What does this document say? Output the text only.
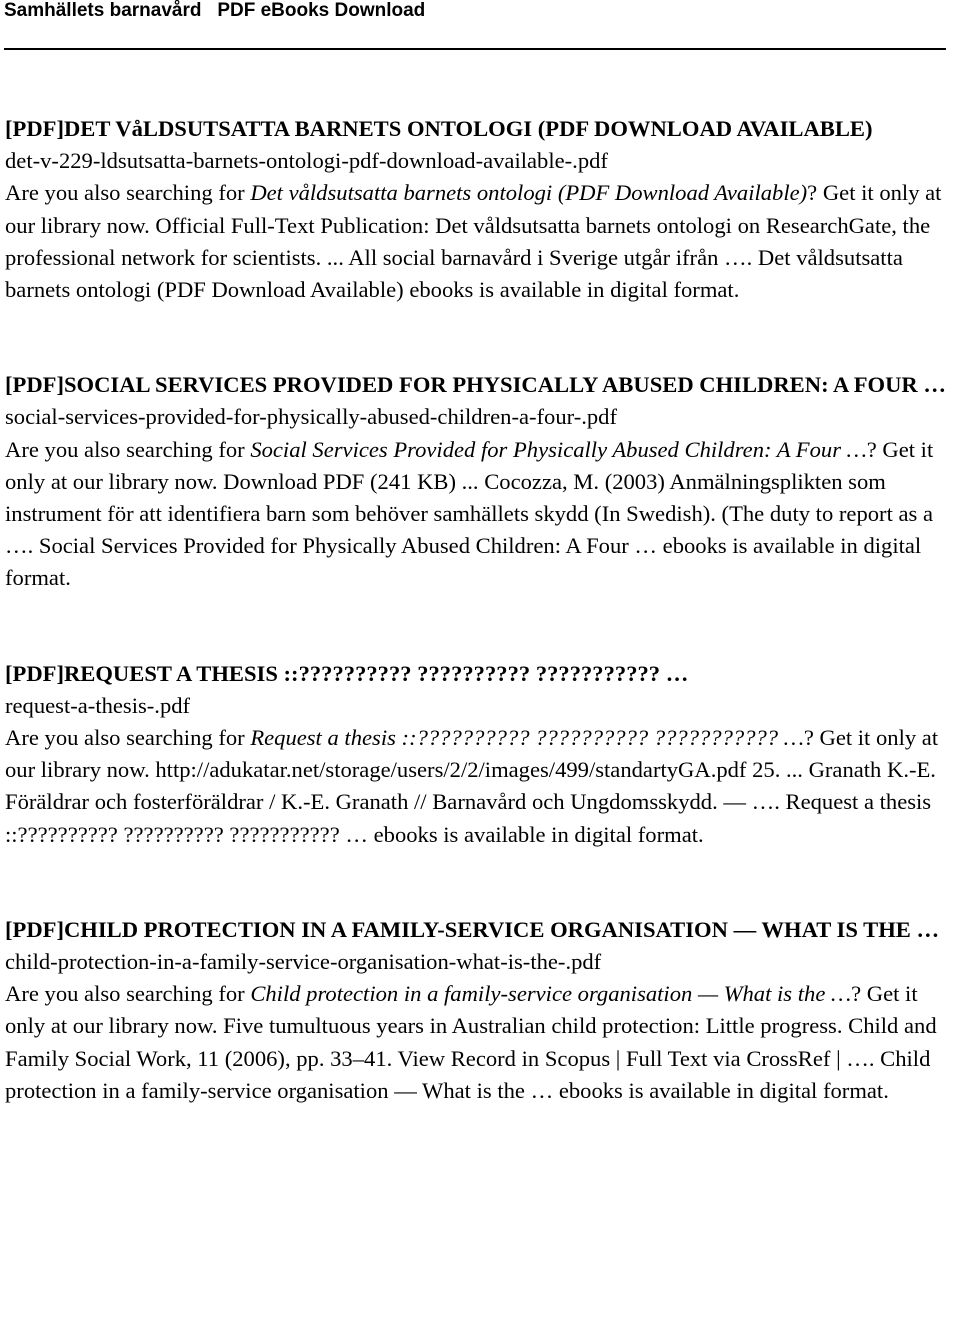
Samhällets barnavård PDF eBooks Download
[PDF]DET VåLDSUTSATTA BARNETS ONTOLOGI (PDF DOWNLOAD AVAILABLE)
det-v-229-ldsutsatta-barnets-ontologi-pdf-download-available-.pdf
Are you also searching for Det våldsutsatta barnets ontologi (PDF Download Available)? Get it only at our library now. Official Full-Text Publication: Det våldsutsatta barnets ontologi on ResearchGate, the professional network for scientists. ... All social barnavård i Sverige utgår ifrån …. Det våldsutsatta barnets ontologi (PDF Download Available) ebooks is available in digital format.
[PDF]SOCIAL SERVICES PROVIDED FOR PHYSICALLY ABUSED CHILDREN: A FOUR …
social-services-provided-for-physically-abused-children-a-four-.pdf
Are you also searching for Social Services Provided for Physically Abused Children: A Four …? Get it only at our library now. Download PDF (241 KB) ... Cocozza, M. (2003) Anmälningsplikten som instrument för att identifiera barn som behöver samhällets skydd (In Swedish). (The duty to report as a …. Social Services Provided for Physically Abused Children: A Four … ebooks is available in digital format.
[PDF]REQUEST A THESIS ::?????????? ?????????? ??????????? …
request-a-thesis-.pdf
Are you also searching for Request a thesis ::?????????? ?????????? ??????????? …? Get it only at our library now. http://adukatar.net/storage/users/2/2/images/499/standartyGA.pdf 25. ... Granath K.-E. Föräldrar och fosterföräldrar / K.-E. Granath // Barnavård och Ungdomsskydd. — …. Request a thesis ::?????????? ?????????? ??????????? … ebooks is available in digital format.
[PDF]CHILD PROTECTION IN A FAMILY-SERVICE ORGANISATION — WHAT IS THE …
child-protection-in-a-family-service-organisation-what-is-the-.pdf
Are you also searching for Child protection in a family-service organisation — What is the …? Get it only at our library now. Five tumultuous years in Australian child protection: Little progress. Child and Family Social Work, 11 (2006), pp. 33–41. View Record in Scopus | Full Text via CrossRef | …. Child protection in a family-service organisation — What is the … ebooks is available in digital format.
